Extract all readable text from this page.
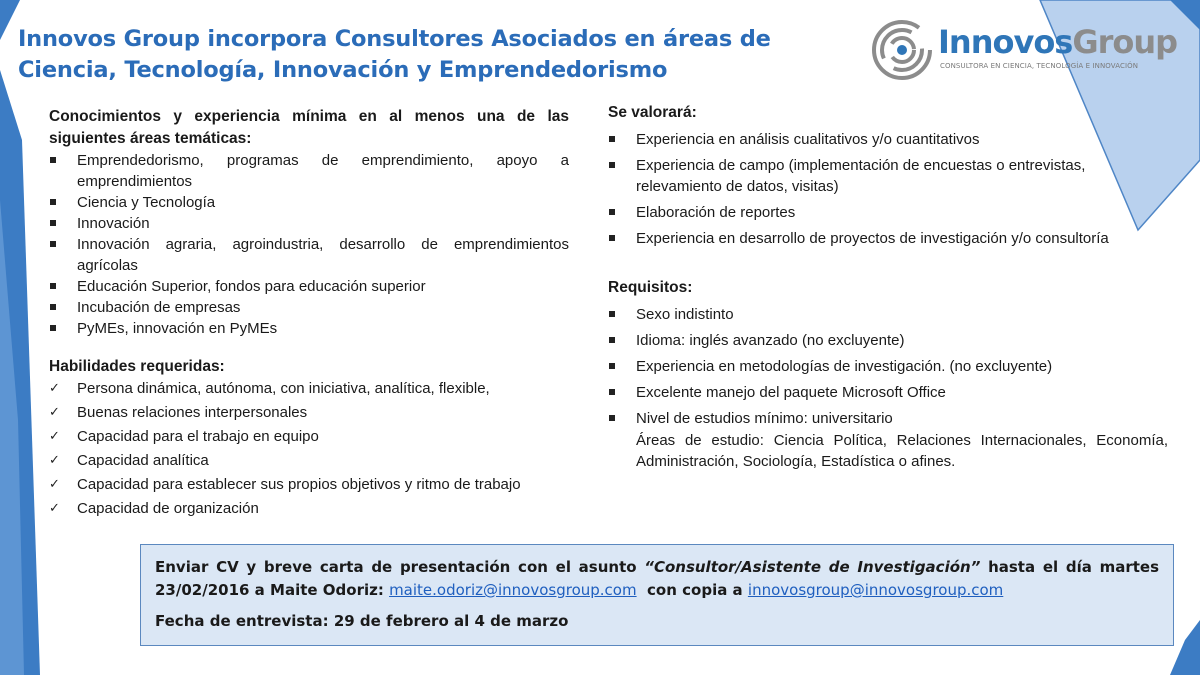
Innovos Group incorpora Consultores Asociados en áreas de
Ciencia, Tecnología, Innovación y Emprendedorismo
InnovosGroup
CONSULTORA EN CIENCIA, TECNOLOGÍA E INNOVACIÓN

Conocimientos y experiencia mínima en al menos una de las siguientes áreas temáticas:

Emprendedorismo, programas de emprendimiento, apoyo a emprendimientos
Ciencia y Tecnología
Innovación
Innovación agraria, agroindustria, desarrollo de emprendimientos agrícolas
Educación Superior, fondos para educación superior
Incubación de empresas
PyMEs, innovación en PyMEs

Habilidades requeridas:

✓ Persona dinámica, autónoma, con iniciativa, analítica, flexible,
✓ Buenas relaciones interpersonales
✓ Capacidad para el trabajo en equipo
✓ Capacidad analítica
✓ Capacidad para establecer sus propios objetivos y ritmo de trabajo
✓ Capacidad de organización

Se valorará:

Experiencia en análisis cualitativos y/o cuantitativos
Experiencia de campo (implementación de encuestas o entrevistas, relevamiento de datos, visitas)
Elaboración de reportes
Experiencia en desarrollo de proyectos de investigación y/o consultoría

Requisitos:

Sexo indistinto
Idioma: inglés avanzado (no excluyente)
Experiencia en metodologías de investigación. (no excluyente)
Excelente manejo del paquete Microsoft Office
Nivel de estudios mínimo: universitario

Áreas de estudio: Ciencia Política, Relaciones Internacionales, Economía, Administración, Sociología, Estadística o afines.

Enviar CV y breve carta de presentación con el asunto “Consultor/Asistente de Investigación” hasta el día martes 23/02/2016 a Maite Odoriz: maite.odoriz@innovosgroup.com  con copia a innovosgroup@innovosgroup.com

Fecha de entrevista: 29 de febrero al 4 de marzo
